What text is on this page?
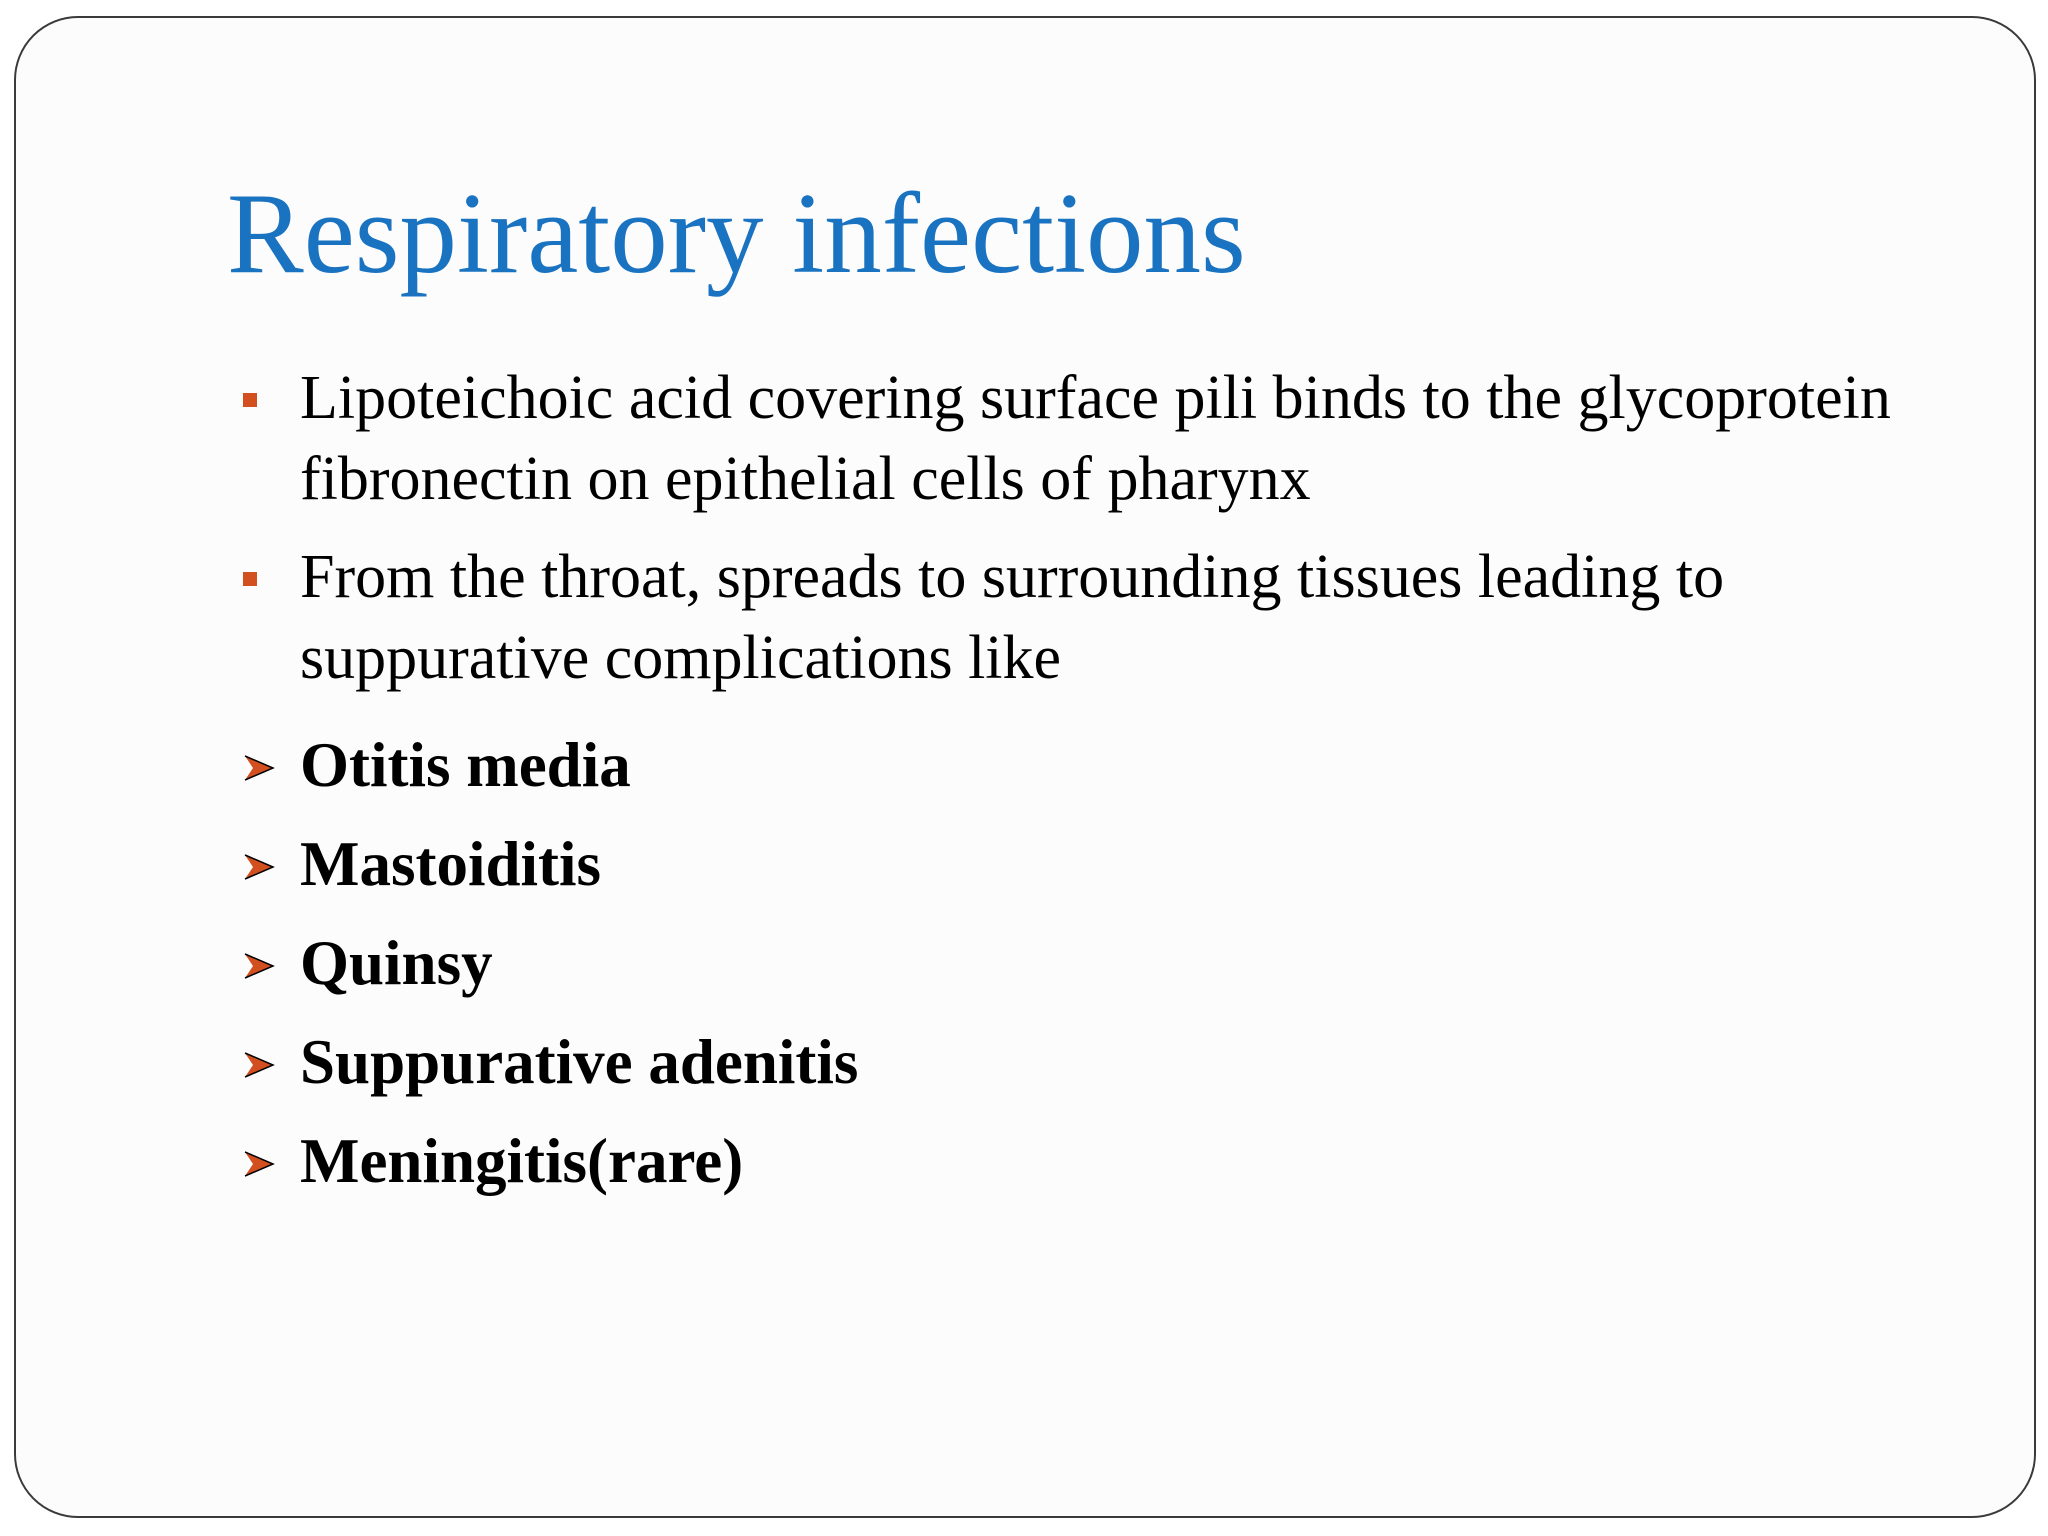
Respiratory infections
Lipoteichoic acid covering surface pili binds to the glycoprotein fibronectin on epithelial cells of pharynx
From the throat, spreads to surrounding tissues leading to suppurative complications like
Otitis media
Mastoiditis
Quinsy
Suppurative adenitis
Meningitis(rare)
